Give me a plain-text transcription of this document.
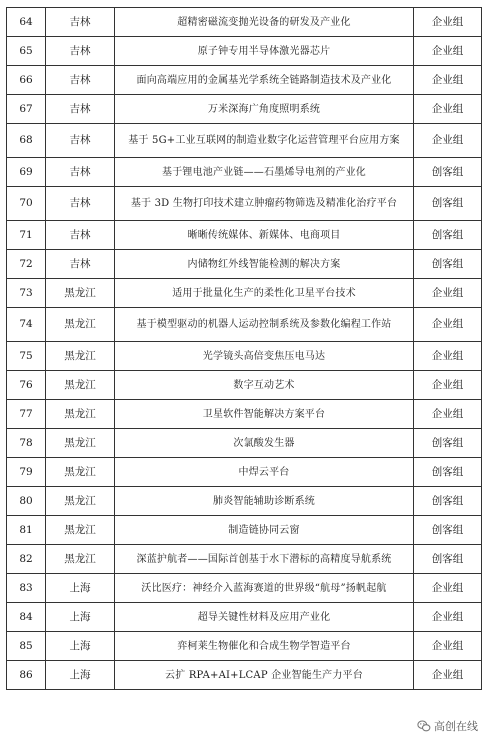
64	吉林	超精密磁流变抛光设备的研发及产业化	企业组
65	吉林	原子钟专用半导体激光器芯片	企业组
66	吉林	面向高端应用的金属基光学系统全链路制造技术及产业化	企业组
67	吉林	万米深海广角度照明系统	企业组
68	吉林	基于 5G+工业互联网的制造业数字化运营管理平台应用方案	企业组
69	吉林	基于锂电池产业链——石墨烯导电剂的产业化	创客组
70	吉林	基于 3D 生物打印技术建立肿瘤药物筛选及精准化治疗平台	创客组
71	吉林	晰晰传统媒体、新媒体、电商项目	创客组
72	吉林	内储物红外线智能检测的解决方案	创客组
73	黑龙江	适用于批量化生产的柔性化卫星平台技术	企业组
74	黑龙江	基于模型驱动的机器人运动控制系统及参数化编程工作站	企业组
75	黑龙江	光学镜头高倍变焦压电马达	企业组
76	黑龙江	数字互动艺术	企业组
77	黑龙江	卫星软件智能解决方案平台	企业组
78	黑龙江	次氯酸发生器	创客组
79	黑龙江	中焊云平台	创客组
80	黑龙江	肺炎智能辅助诊断系统	创客组
81	黑龙江	制造链协同云窗	创客组
82	黑龙江	深蓝护航者——国际首创基于水下潜标的高精度导航系统	创客组
83	上海	沃比医疗：神经介入蓝海赛道的世界级“航母”扬帆起航	企业组
84	上海	超导关键性材料及应用产业化	企业组
85	上海	弈柯莱生物催化和合成生物学智造平台	企业组
86	上海	云扩 RPA+AI+LCAP 企业智能生产力平台	企业组
高创在线
